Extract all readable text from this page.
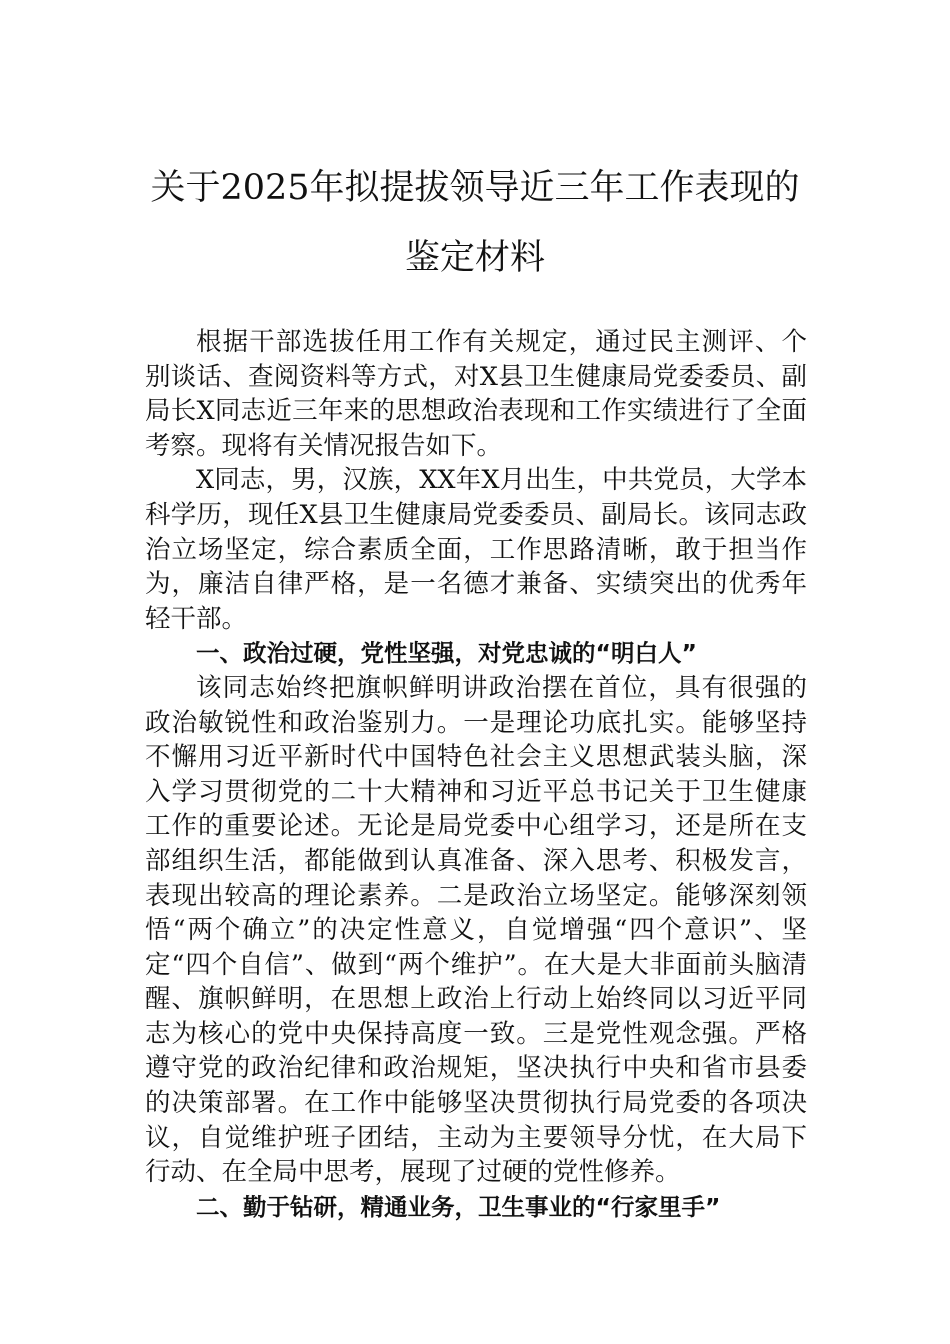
关于2025年拟提拔领导近三年工作表现的
鉴定材料

根据干部选拔任用工作有关规定，通过民主测评、个别谈话、查阅资料等方式，对X县卫生健康局党委委员、副局长X同志近三年来的思想政治表现和工作实绩进行了全面考察。现将有关情况报告如下。

X同志，男，汉族，XX年X月出生，中共党员，大学本科学历，现任X县卫生健康局党委委员、副局长。该同志政治立场坚定，综合素质全面，工作思路清晰，敢于担当作为，廉洁自律严格，是一名德才兼备、实绩突出的优秀年轻干部。

一、政治过硬，党性坚强，对党忠诚的“明白人”

该同志始终把旗帜鲜明讲政治摆在首位，具有很强的政治敏锐性和政治鉴别力。一是理论功底扎实。能够坚持不懈用习近平新时代中国特色社会主义思想武装头脑，深入学习贯彻党的二十大精神和习近平总书记关于卫生健康工作的重要论述。无论是局党委中心组学习，还是所在支部组织生活，都能做到认真准备、深入思考、积极发言，表现出较高的理论素养。二是政治立场坚定。能够深刻领悟“两个确立”的决定性意义，自觉增强“四个意识”、坚定“四个自信”、做到“两个维护”。在大是大非面前头脑清醒、旗帜鲜明，在思想上政治上行动上始终同以习近平同志为核心的党中央保持高度一致。三是党性观念强。严格遵守党的政治纪律和政治规矩，坚决执行中央和省市县委的决策部署。在工作中能够坚决贯彻执行局党委的各项决议，自觉维护班子团结，主动为主要领导分忧，在大局下行动、在全局中思考，展现了过硬的党性修养。

二、勤于钻研，精通业务，卫生事业的“行家里手”
